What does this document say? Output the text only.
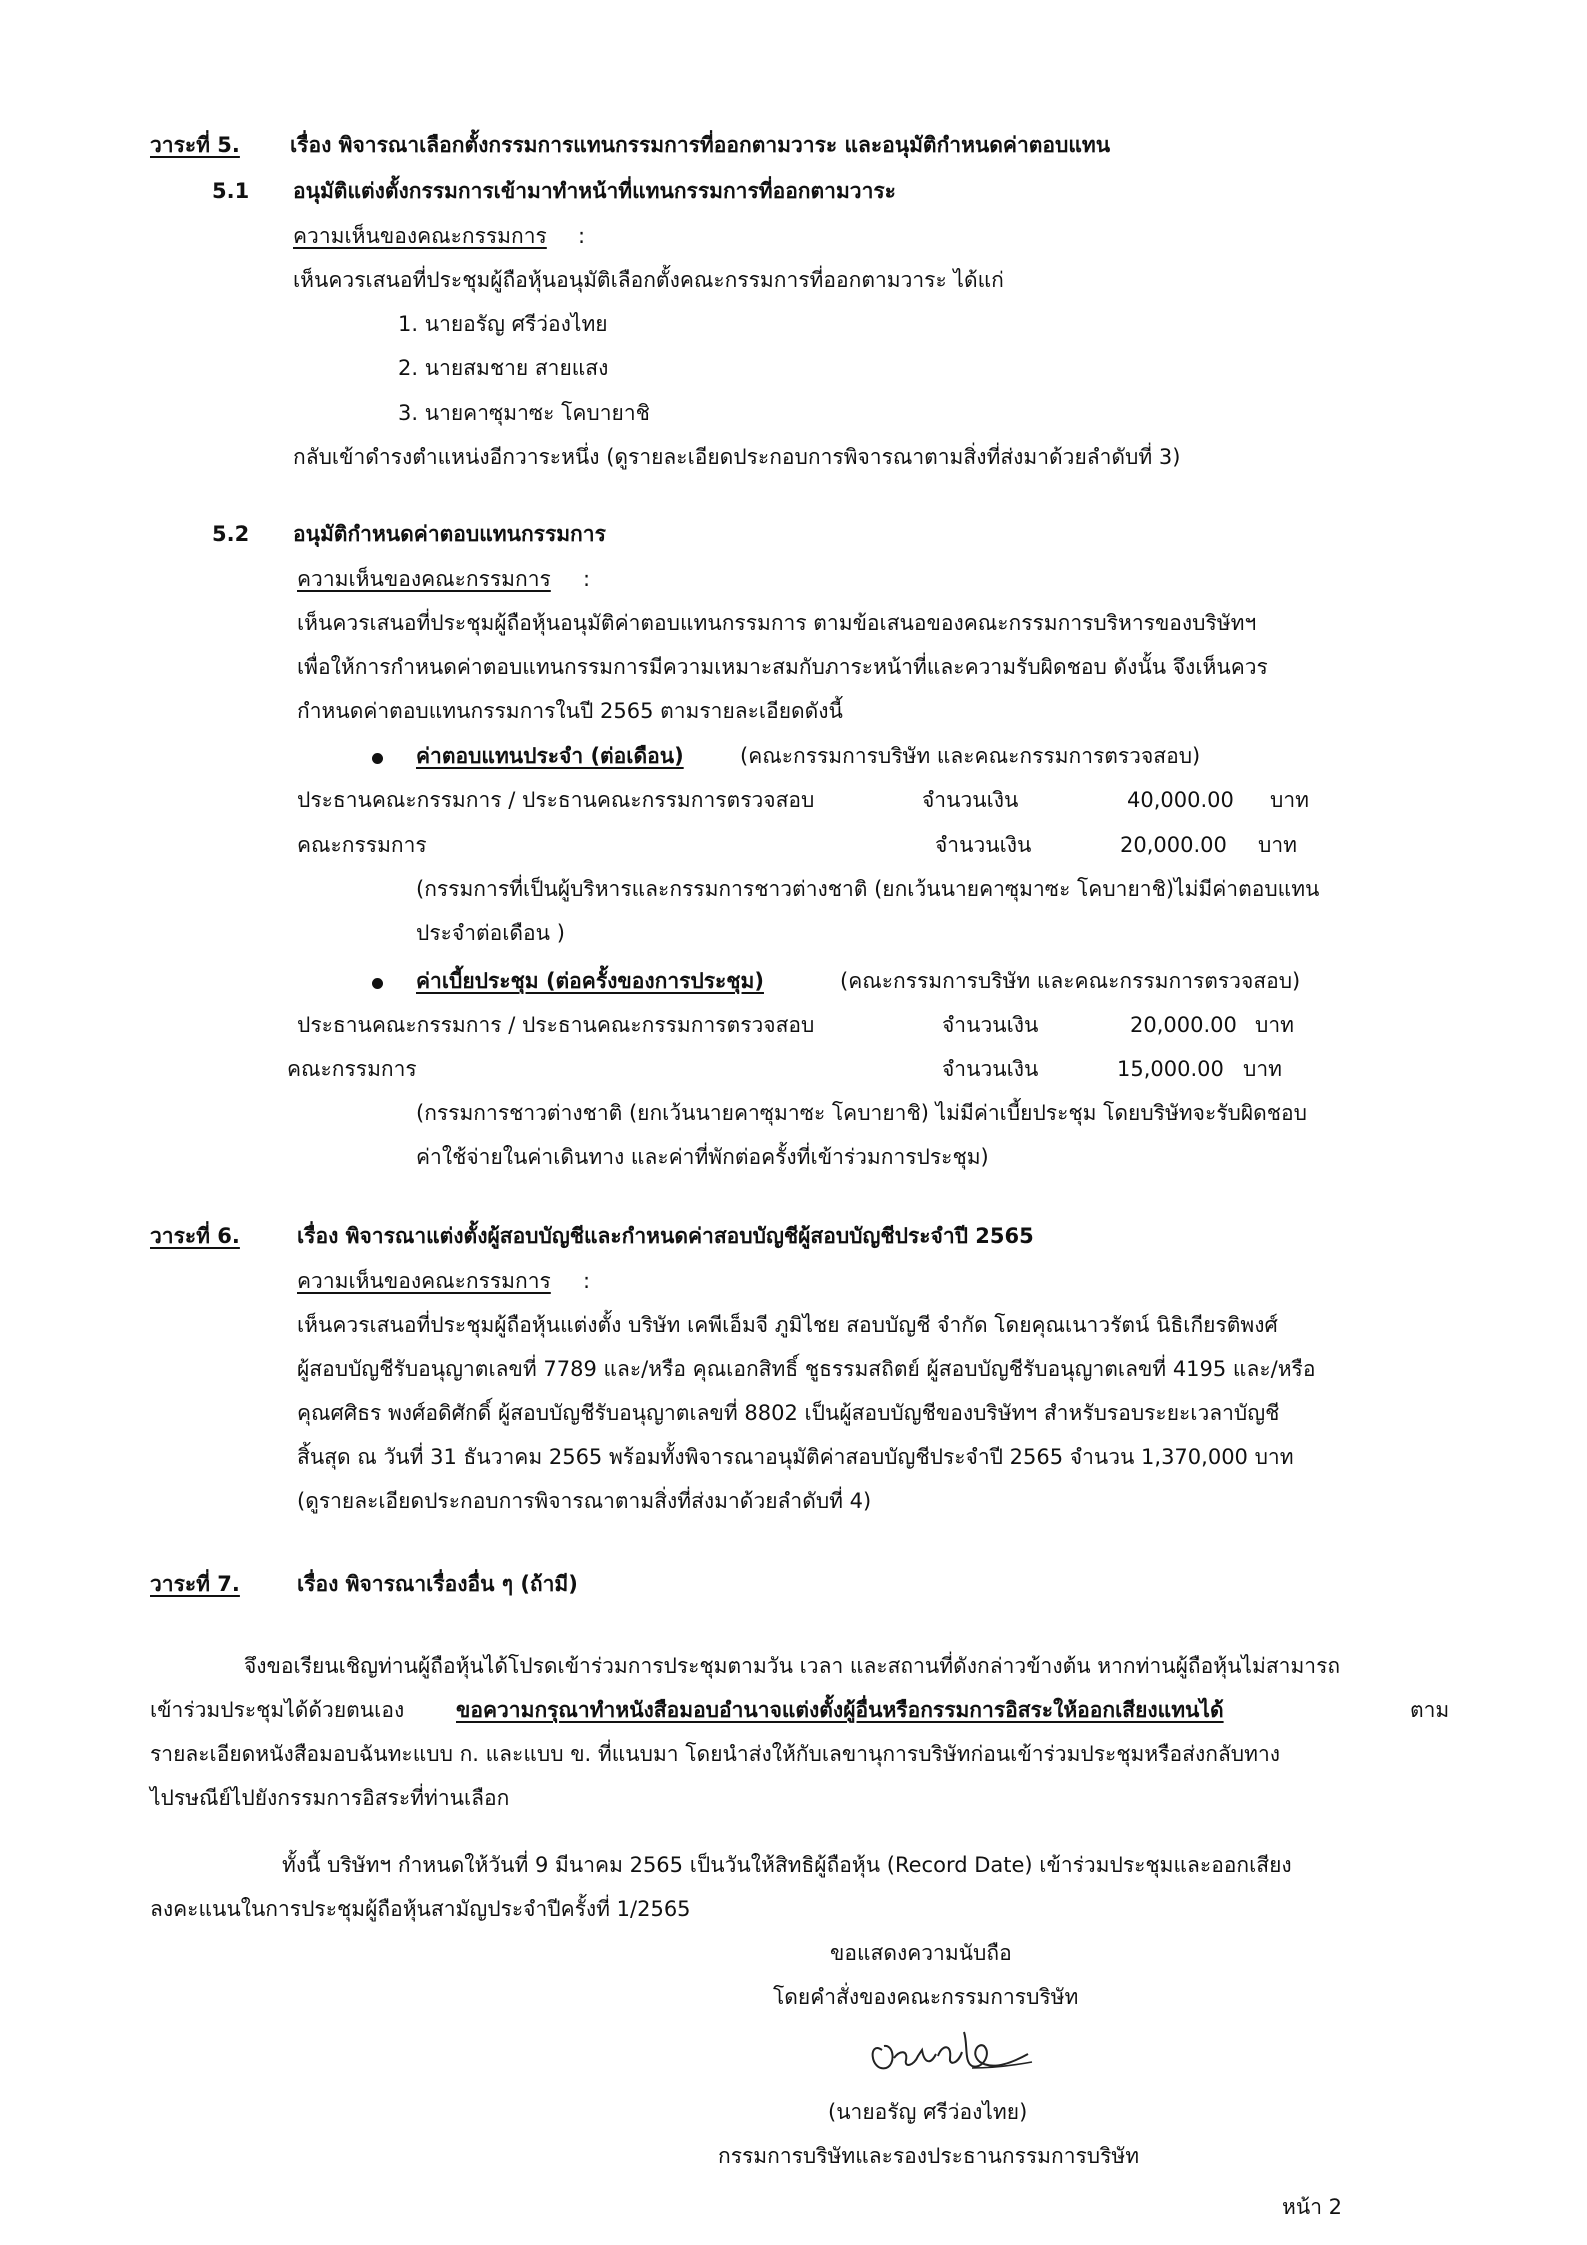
วาระที่ 5. เรื่อง พิจารณาเลือกตั้งกรรมการแทนกรรมการที่ออกตามวาระ และอนุมัติกำหนดค่าตอบแทน
5.1 อนุมัติแต่งตั้งกรรมการเข้ามาทำหน้าที่แทนกรรมการที่ออกตามวาระ
ความเห็นของคณะกรรมการ :
เห็นควรเสนอที่ประชุมผู้ถือหุ้นอนุมัติเลือกตั้งคณะกรรมการที่ออกตามวาระ ได้แก่
1. นายอรัญ ศรีว่องไทย
2. นายสมชาย สายแสง
3. นายคาซุมาซะ โคบายาชิ
กลับเข้าดำรงตำแหน่งอีกวาระหนึ่ง (ดูรายละเอียดประกอบการพิจารณาตามสิ่งที่ส่งมาด้วยลำดับที่ 3)
5.2 อนุมัติกำหนดค่าตอบแทนกรรมการ
ความเห็นของคณะกรรมการ :
เห็นควรเสนอที่ประชุมผู้ถือหุ้นอนุมัติค่าตอบแทนกรรมการ ตามข้อเสนอของคณะกรรมการบริหารของบริษัทฯ
เพื่อให้การกำหนดค่าตอบแทนกรรมการมีความเหมาะสมกับภาระหน้าที่และความรับผิดชอบ ดังนั้น จึงเห็นควร
กำหนดค่าตอบแทนกรรมการในปี 2565 ตามรายละเอียดดังนี้
ค่าตอบแทนประจำ (ต่อเดือน)	(คณะกรรมการบริษัท และคณะกรรมการตรวจสอบ)
ประธานคณะกรรมการ / ประธานคณะกรรมการตรวจสอบ	จำนวนเงิน	40,000.00 บาท
คณะกรรมการ	จำนวนเงิน	20,000.00 บาท
(กรรมการที่เป็นผู้บริหารและกรรมการชาวต่างชาติ (ยกเว้นนายคาซุมาซะ โคบายาชิ)ไม่มีค่าตอบแทน
ประจำต่อเดือน )
ค่าเบี้ยประชุม (ต่อครั้งของการประชุม)	(คณะกรรมการบริษัท และคณะกรรมการตรวจสอบ)
ประธานคณะกรรมการ / ประธานคณะกรรมการตรวจสอบ	จำนวนเงิน	20,000.00 บาท
คณะกรรมการ	จำนวนเงิน	15,000.00 บาท
(กรรมการชาวต่างชาติ (ยกเว้นนายคาซุมาซะ โคบายาชิ) ไม่มีค่าเบี้ยประชุม โดยบริษัทจะรับผิดชอบ
ค่าใช้จ่ายในค่าเดินทาง และค่าที่พักต่อครั้งที่เข้าร่วมการประชุม)
วาระที่ 6.	เรื่อง พิจารณาแต่งตั้งผู้สอบบัญชีและกำหนดค่าสอบบัญชีผู้สอบบัญชีประจำปี 2565
ความเห็นของคณะกรรมการ :
เห็นควรเสนอที่ประชุมผู้ถือหุ้นแต่งตั้ง บริษัท เคพีเอ็มจี ภูมิไชย สอบบัญชี จำกัด โดยคุณเนาวรัตน์ นิธิเกียรติพงศ์
ผู้สอบบัญชีรับอนุญาตเลขที่ 7789 และ/หรือ คุณเอกสิทธิ์ ชูธรรมสถิตย์ ผู้สอบบัญชีรับอนุญาตเลขที่ 4195 และ/หรือ
คุณศศิธร พงศ์อดิศักดิ์ ผู้สอบบัญชีรับอนุญาตเลขที่ 8802 เป็นผู้สอบบัญชีของบริษัทฯ สำหรับรอบระยะเวลาบัญชี
สิ้นสุด ณ วันที่ 31 ธันวาคม 2565 พร้อมทั้งพิจารณาอนุมัติค่าสอบบัญชีประจำปี 2565 จำนวน 1,370,000 บาท
(ดูรายละเอียดประกอบการพิจารณาตามสิ่งที่ส่งมาด้วยลำดับที่ 4)
วาระที่ 7.	เรื่อง พิจารณาเรื่องอื่น ๆ (ถ้ามี)
จึงขอเรียนเชิญท่านผู้ถือหุ้นได้โปรดเข้าร่วมการประชุมตามวัน เวลา และสถานที่ดังกล่าวข้างต้น หากท่านผู้ถือหุ้นไม่สามารถ
เข้าร่วมประชุมได้ด้วยตนเอง ขอความกรุณาทำหนังสือมอบอำนาจแต่งตั้งผู้อื่นหรือกรรมการอิสระให้ออกเสียงแทนได้	ตาม
รายละเอียดหนังสือมอบฉันทะแบบ ก. และแบบ ข. ที่แนบมา โดยนำส่งให้กับเลขานุการบริษัทก่อนเข้าร่วมประชุมหรือส่งกลับทาง
ไปรษณีย์ไปยังกรรมการอิสระที่ท่านเลือก
ทั้งนี้ บริษัทฯ กำหนดให้วันที่ 9 มีนาคม 2565 เป็นวันให้สิทธิผู้ถือหุ้น (Record Date) เข้าร่วมประชุมและออกเสียง
ลงคะแนนในการประชุมผู้ถือหุ้นสามัญประจำปีครั้งที่ 1/2565
ขอแสดงความนับถือ
โดยคำสั่งของคณะกรรมการบริษัท
(นายอรัญ ศรีว่องไทย)
กรรมการบริษัทและรองประธานกรรมการบริษัท
หน้า 2
